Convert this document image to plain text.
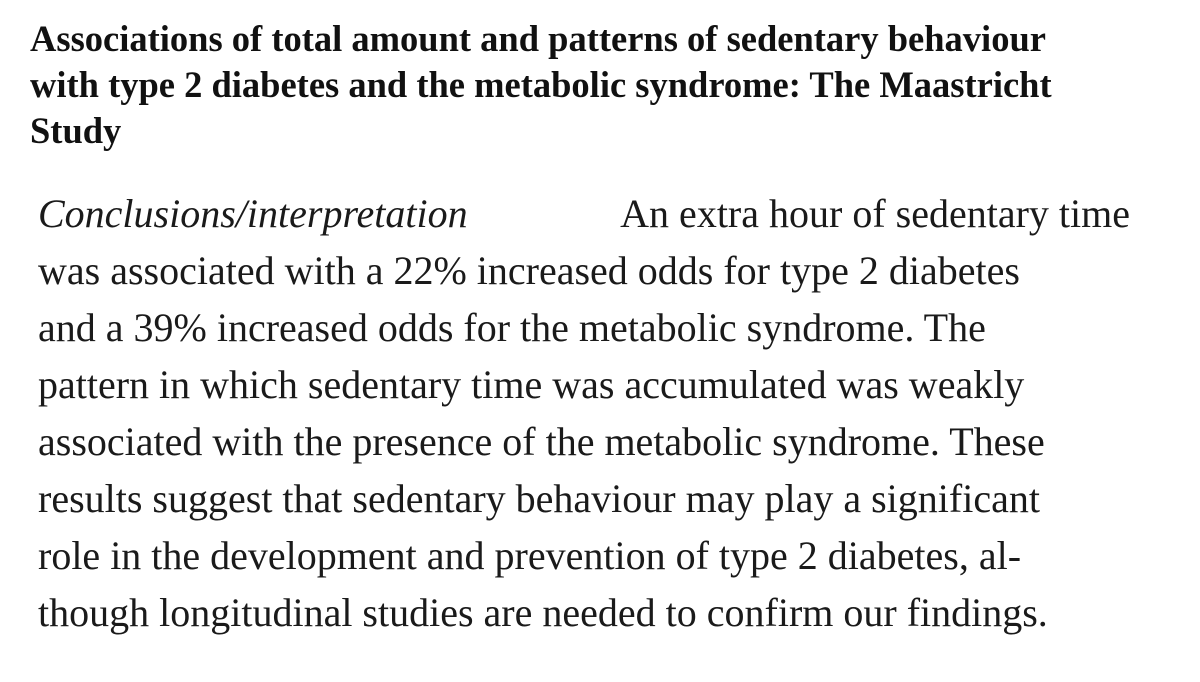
Associations of total amount and patterns of sedentary behaviour
with type 2 diabetes and the metabolic syndrome: The Maastricht
Study
Conclusions/interpretation	An extra hour of sedentary time
was associated with a 22% increased odds for type 2 diabetes
and a 39% increased odds for the metabolic syndrome. The
pattern in which sedentary time was accumulated was weakly
associated with the presence of the metabolic syndrome. These
results suggest that sedentary behaviour may play a significant
role in the development and prevention of type 2 diabetes, al-
though longitudinal studies are needed to confirm our findings.
